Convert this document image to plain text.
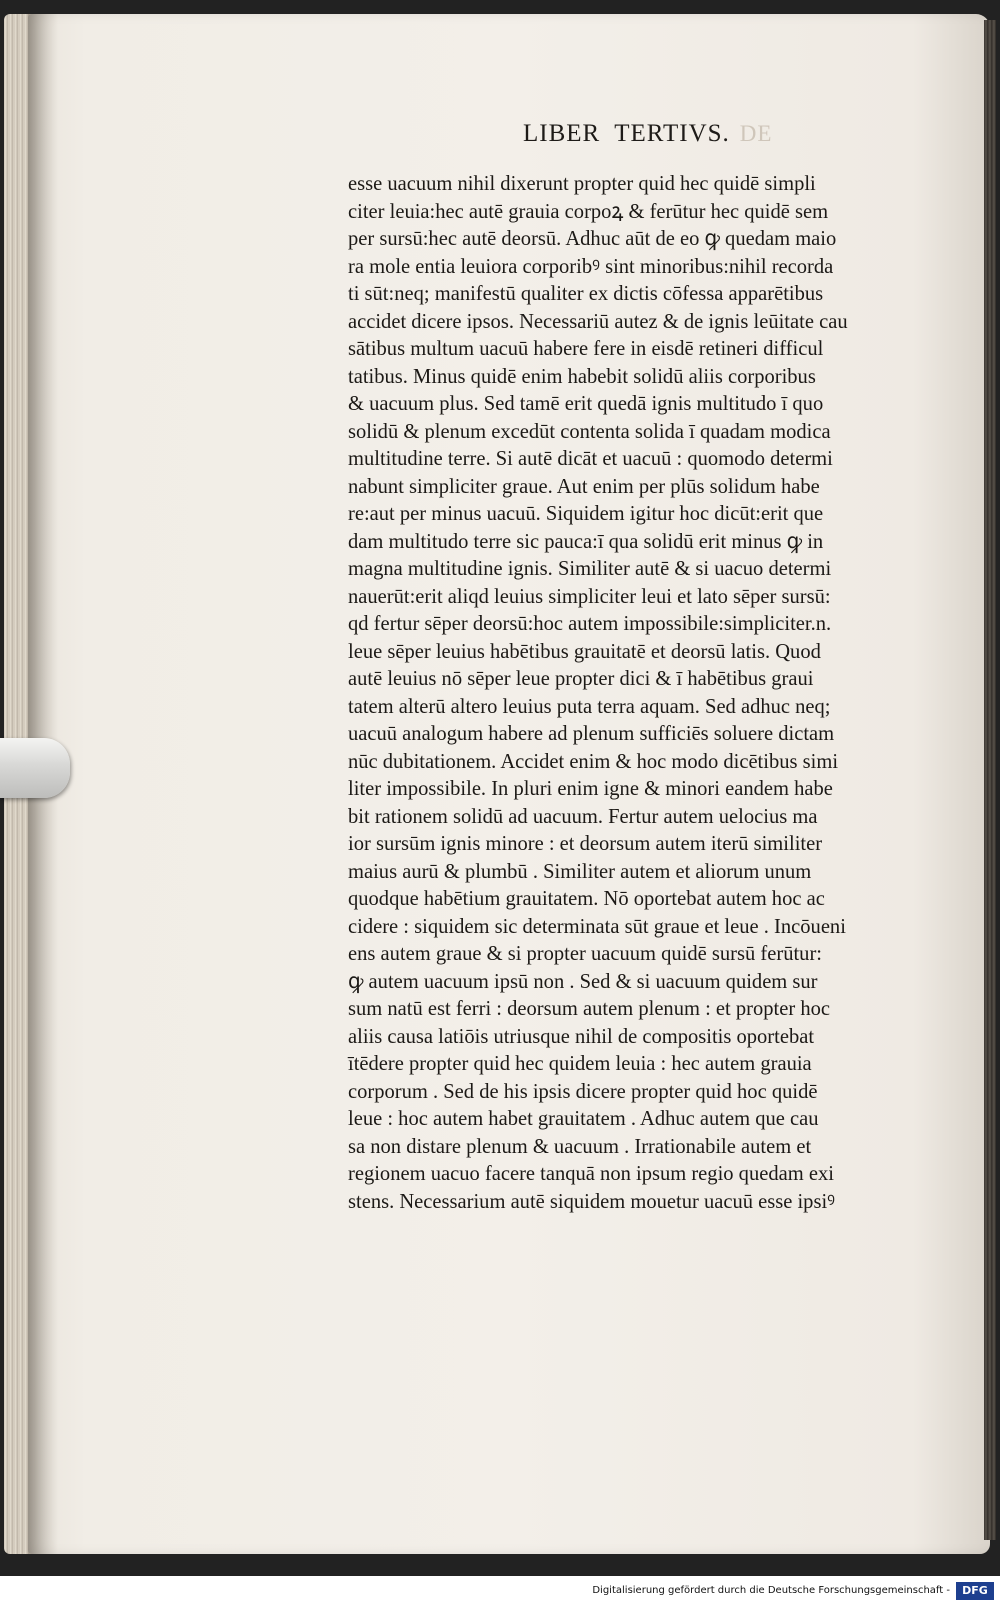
LIBER  TERTIVS. DE
esse uacuum nihil dixerunt propter quid hec quidē simpli
citer leuia:hec autē grauia corpoꝝ & ferūtur hec quidē sem
per sursū:hec autē deorsū. Adhuc aūt de eo ꝙ quedam maio
ra mole entia leuiora corporibꝰ sint minoribus:nihil recorda
ti sūt:neq; manifestū qualiter ex dictis cōfessa apparētibus
accidet dicere ipsos. Necessariū autez & de ignis leūitate cau
sātibus multum uacuū habere fere in eisdē retineri difficul
tatibus. Minus quidē enim habebit solidū aliis corporibus
& uacuum plus. Sed tamē erit quedā ignis multitudo ī quo
solidū & plenum excedūt contenta solida ī quadam modica
multitudine terre. Si autē dicāt et uacuū : quomodo determi
nabunt simpliciter graue. Aut enim per plūs solidum habe
re:aut per minus uacuū. Siquidem igitur hoc dicūt:erit que
dam multitudo terre sic pauca:ī qua solidū erit minus ꝙ in
magna multitudine ignis. Similiter autē & si uacuo determi
nauerūt:erit aliqd leuius simpliciter leui et lato sēper sursū:
qd fertur sēper deorsū:hoc autem impossibile:simpliciter.n.
leue sēper leuius habētibus grauitatē et deorsū latis. Quod
autē leuius nō sēper leue propter dici & ī habētibus graui
tatem alterū altero leuius puta terra aquam. Sed adhuc neq;
uacuū analogum habere ad plenum sufficiēs soluere dictam
nūc dubitationem. Accidet enim & hoc modo dicētibus simi
liter impossibile. In pluri enim igne & minori eandem habe
bit rationem solidū ad uacuum. Fertur autem uelocius ma
ior sursūm ignis minore : et deorsum autem iterū similiter
maius aurū & plumbū . Similiter autem et aliorum unum
quodque habētium grauitatem. Nō oportebat autem hoc ac
cidere : siquidem sic determinata sūt graue et leue . Incōueni
ens autem graue & si propter uacuum quidē sursū ferūtur:
ꝙ autem uacuum ipsū non . Sed & si uacuum quidem sur
sum natū est ferri : deorsum autem plenum : et propter hoc
aliis causa latiōis utriusque nihil de compositis oportebat
ītēdere propter quid hec quidem leuia : hec autem grauia
corporum . Sed de his ipsis dicere propter quid hoc quidē
leue : hoc autem habet grauitatem . Adhuc autem que cau
sa non distare plenum & uacuum . Irrationabile autem et
regionem uacuo facere tanquā non ipsum regio quedam exi
stens. Necessarium autē siquidem mouetur uacuū esse ipsiꝰ
Digitalisierung gefördert durch die Deutsche Forschungsgemeinschaft -	DFG
